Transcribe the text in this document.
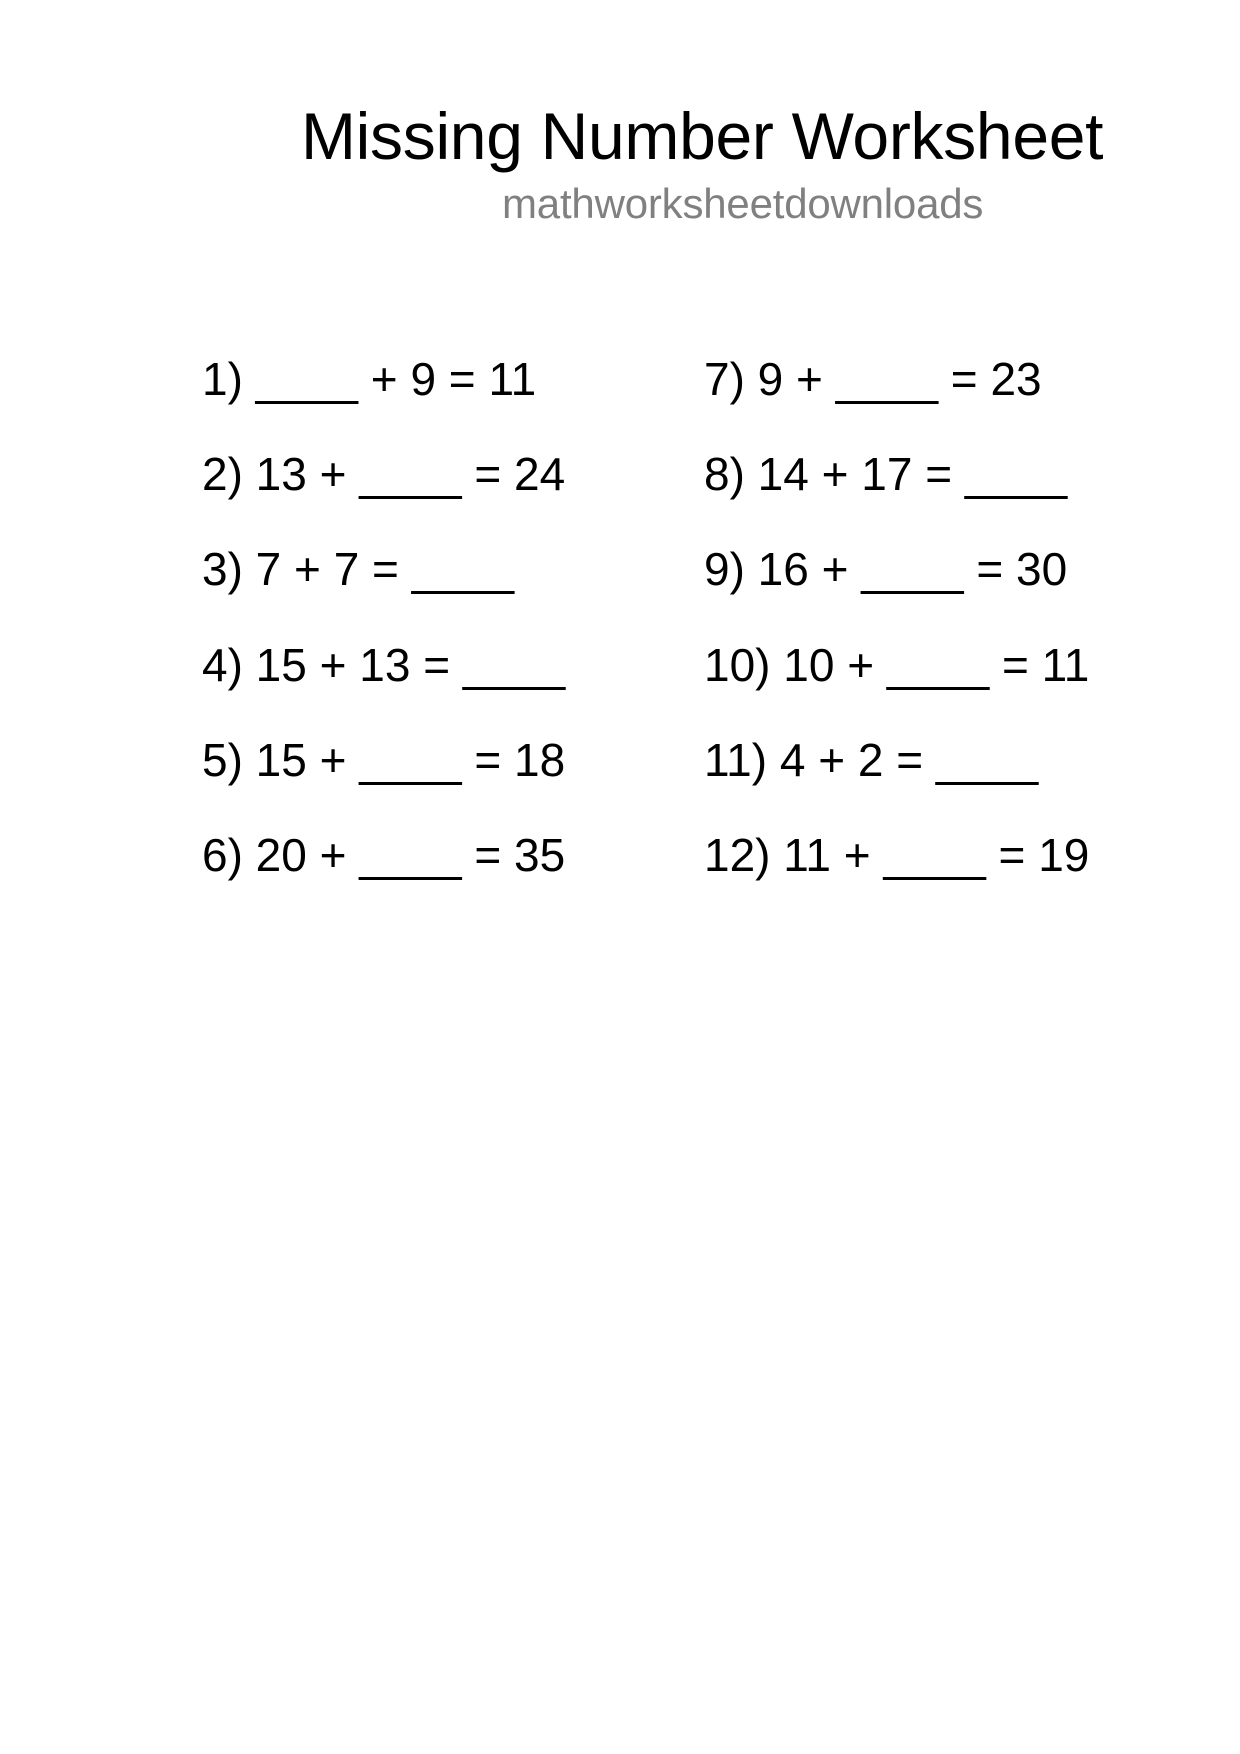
Missing Number Worksheet
mathworksheetdownloads
1) ____ + 9 = 11
2) 13 + ____ = 24
3) 7 + 7 = ____
4) 15 + 13 = ____
5) 15 + ____ = 18
6) 20 + ____ = 35
7) 9 + ____ = 23
8) 14 + 17 = ____
9) 16 + ____ = 30
10) 10 + ____ = 11
11) 4 + 2 = ____
12) 11 + ____ = 19
